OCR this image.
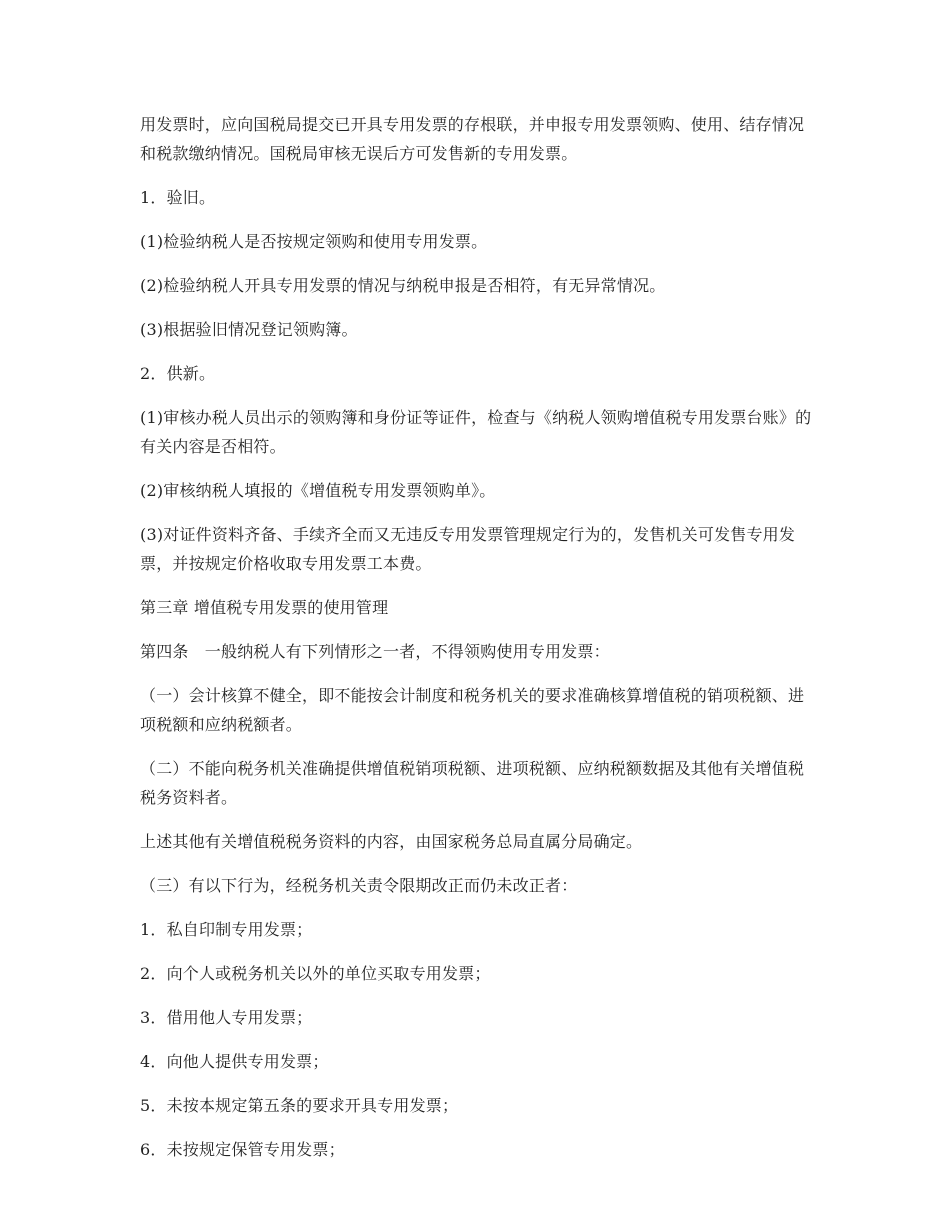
用发票时，应向国税局提交已开具专用发票的存根联，并申报专用发票领购、使用、结存情况和税款缴纳情况。国税局审核无误后方可发售新的专用发票。

1．验旧。

(1)检验纳税人是否按规定领购和使用专用发票。

(2)检验纳税人开具专用发票的情况与纳税申报是否相符，有无异常情况。

(3)根据验旧情况登记领购簿。

2．供新。

(1)审核办税人员出示的领购簿和身份证等证件，检查与《纳税人领购增值税专用发票台账》的有关内容是否相符。

(2)审核纳税人填报的《增值税专用发票领购单》。

(3)对证件资料齐备、手续齐全而又无违反专用发票管理规定行为的，发售机关可发售专用发票，并按规定价格收取专用发票工本费。

第三章 增值税专用发票的使用管理

第四条　一般纳税人有下列情形之一者，不得领购使用专用发票：

（一）会计核算不健全，即不能按会计制度和税务机关的要求准确核算增值税的销项税额、进项税额和应纳税额者。

（二）不能向税务机关准确提供增值税销项税额、进项税额、应纳税额数据及其他有关增值税税务资料者。

上述其他有关增值税税务资料的内容，由国家税务总局直属分局确定。

（三）有以下行为，经税务机关责令限期改正而仍未改正者：

1．私自印制专用发票；

2．向个人或税务机关以外的单位买取专用发票；

3．借用他人专用发票；

4．向他人提供专用发票；

5．未按本规定第五条的要求开具专用发票；

6．未按规定保管专用发票；
